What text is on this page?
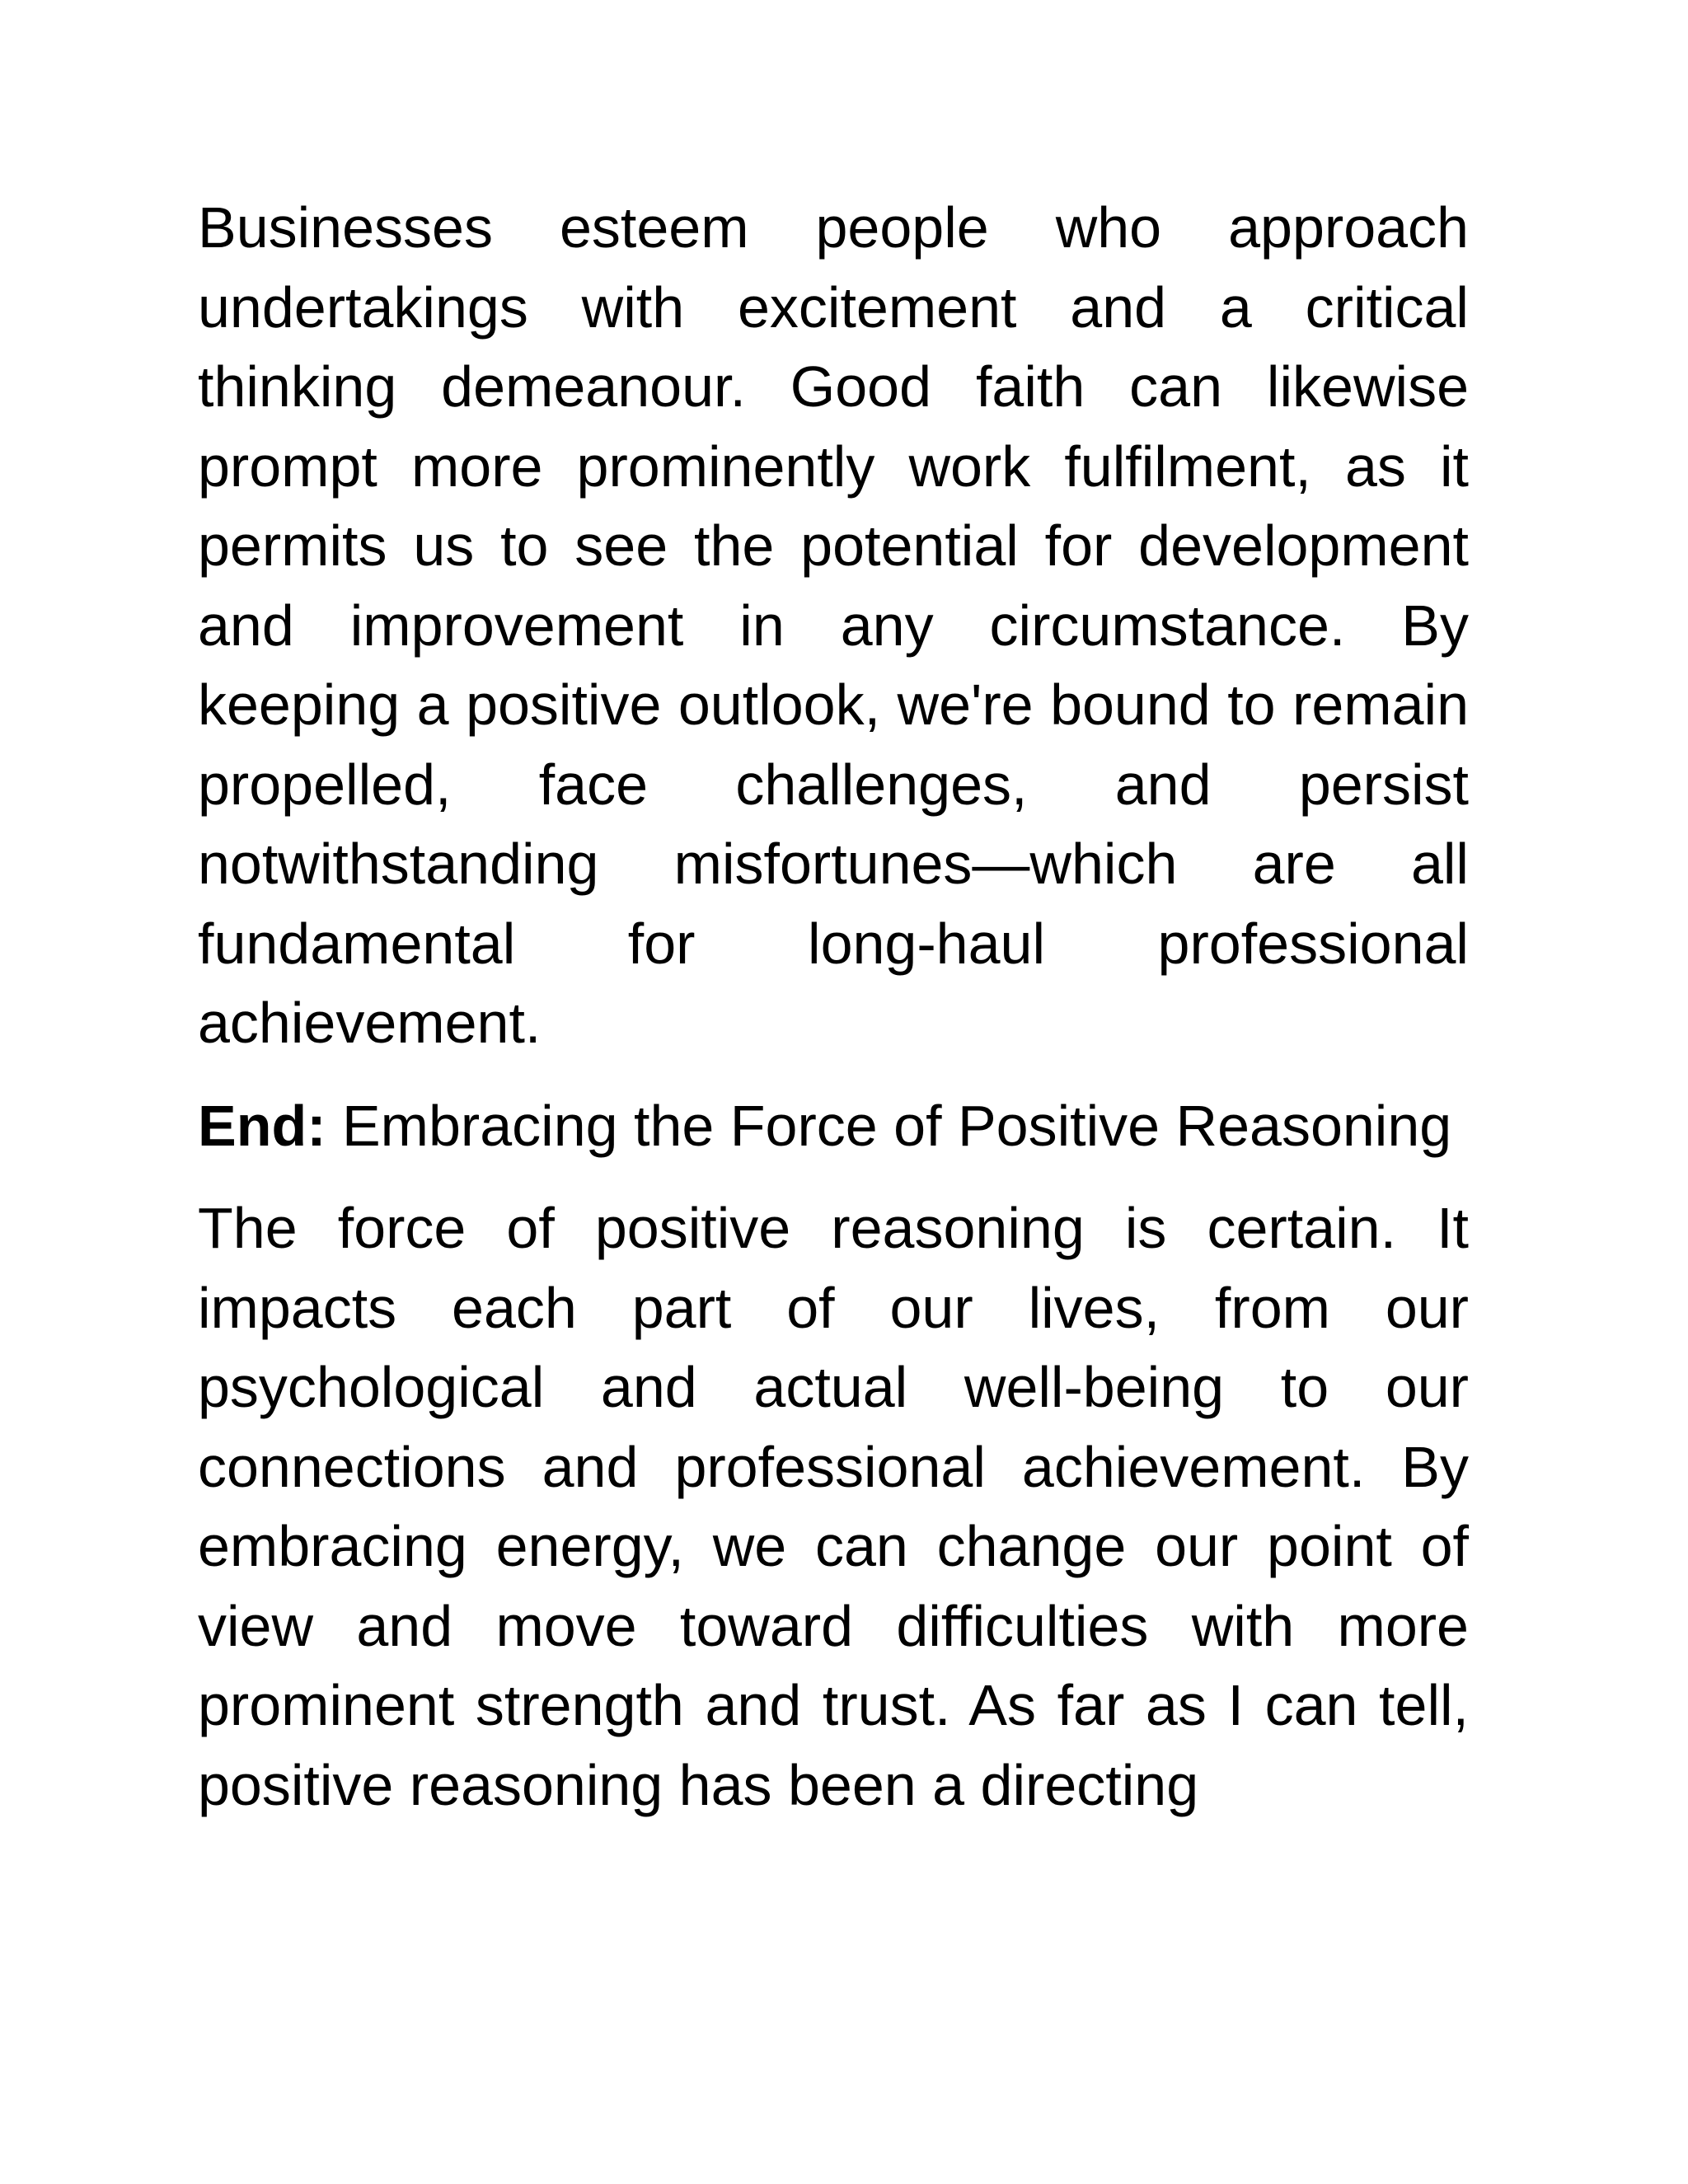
Businesses esteem people who approach undertakings with excitement and a critical thinking demeanour. Good faith can likewise prompt more prominently work fulfilment, as it permits us to see the potential for development and improvement in any circumstance. By keeping a positive outlook, we're bound to remain propelled, face challenges, and persist notwithstanding misfortunes—which are all fundamental for long-haul professional achievement.

End: Embracing the Force of Positive Reasoning

The force of positive reasoning is certain. It impacts each part of our lives, from our psychological and actual well-being to our connections and professional achievement. By embracing energy, we can change our point of view and move toward difficulties with more prominent strength and trust. As far as I can tell, positive reasoning has been a directing
